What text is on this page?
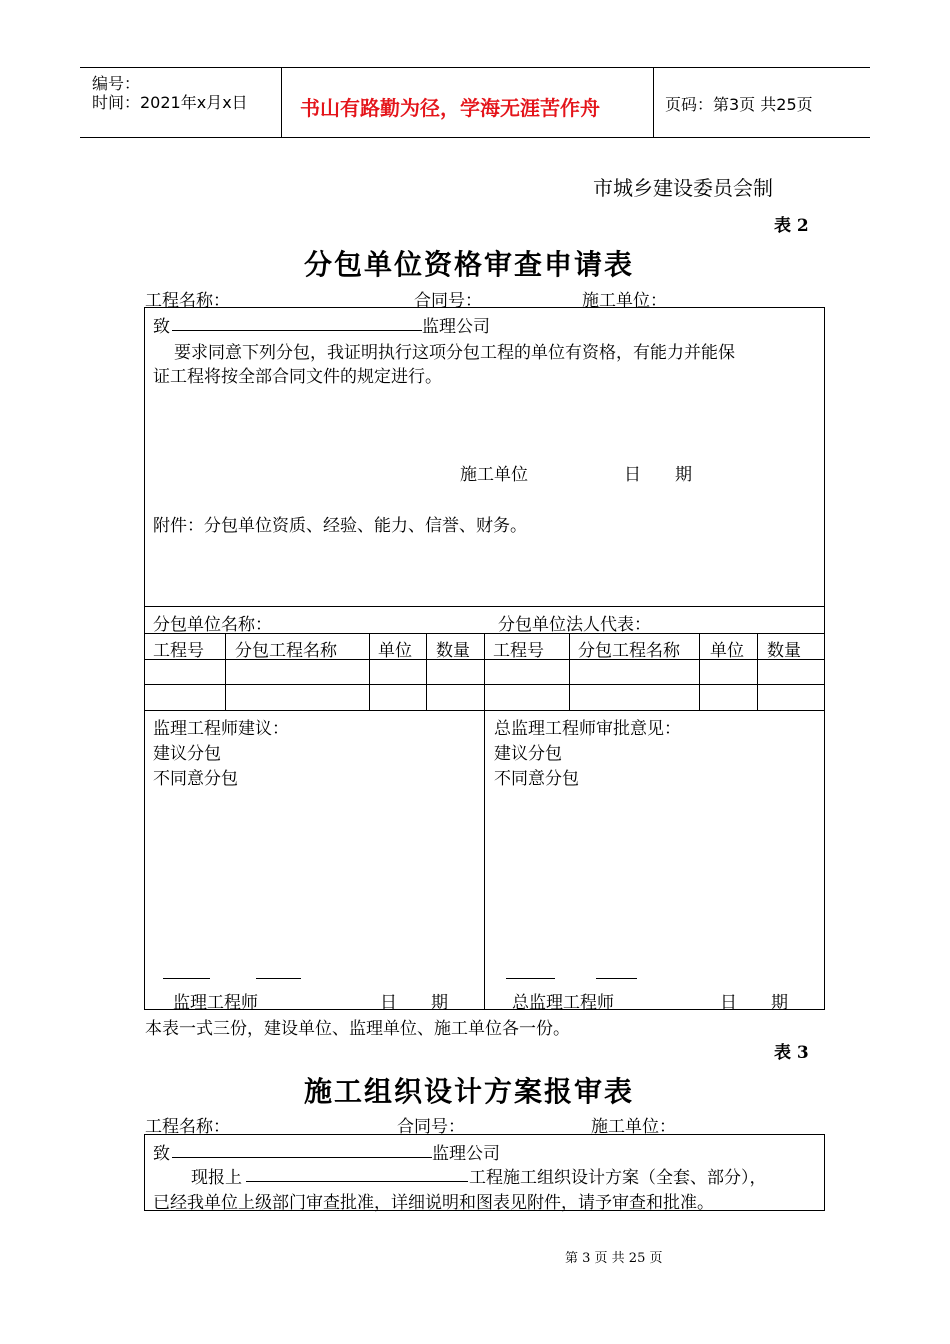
编号：
时间：2021年x月x日	书山有路勤为径，学海无涯苦作舟	页码：第3页 共25页
市城乡建设委员会制
表 2
分包单位资格审查申请表
工程名称：	合同号：	施工单位：
致	监理公司
要求同意下列分包，我证明执行这项分包工程的单位有资格，有能力并能保
证工程将按全部合同文件的规定进行。
施工单位	日　　期
附件：分包单位资质、经验、能力、信誉、财务。
分包单位名称：	分包单位法人代表：
工程号 分包工程名称 单位 数量 工程号 分包工程名称 单位 数量
监理工程师建议：
建议分包
不同意分包
监理工程师	日　　期
总监理工程师审批意见：
建议分包
不同意分包
总监理工程师	日　　期
本表一式三份，建设单位、监理单位、施工单位各一份。
表 3
施工组织设计方案报审表
工程名称：	合同号：	施工单位：
致	监理公司
现报上	工程施工组织设计方案（全套、部分），
已经我单位上级部门审查批准，详细说明和图表见附件，请予审查和批准。
第 3 页 共 25 页
